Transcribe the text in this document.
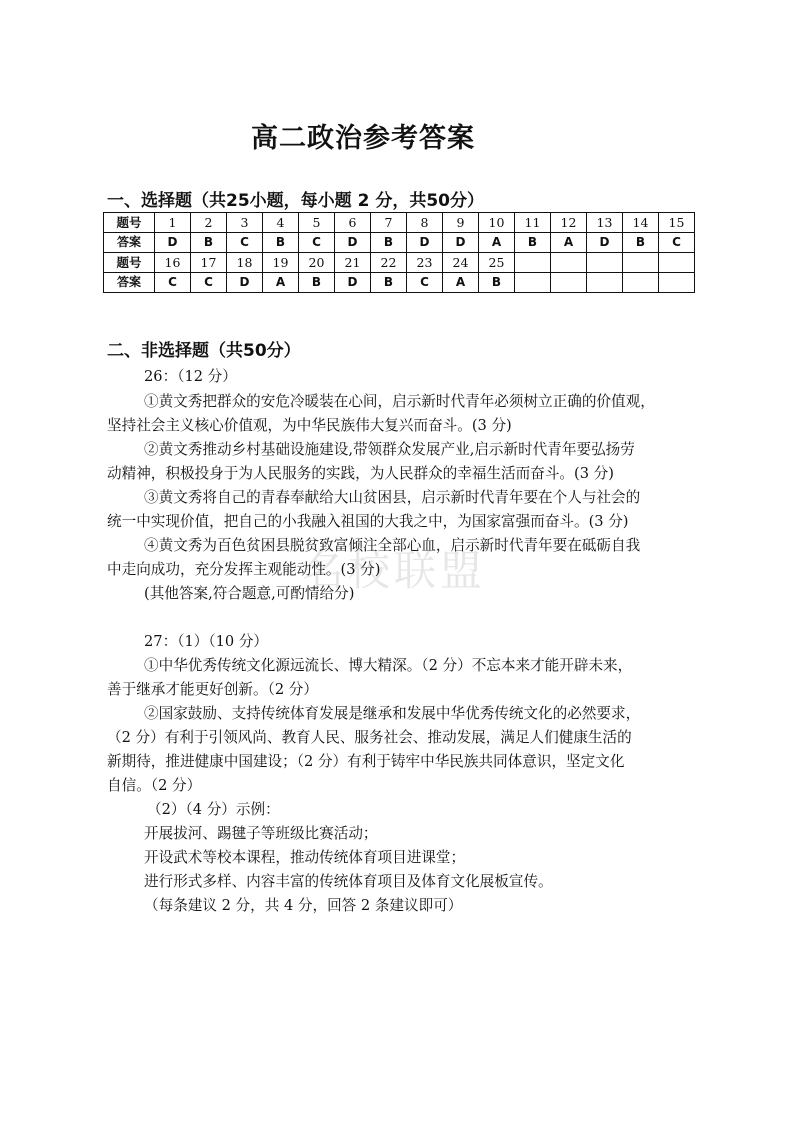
名校联盟
高二政治参考答案
一、选择题（共25小题，每小题 2 分，共50分）
题号	1	2	3	4	5	6	7	8	9	10	11	12	13	14	15
答案	D	B	C	B	C	D	B	D	D	A	B	A	D	B	C
题号	16	17	18	19	20	21	22	23	24	25					
答案	C	C	D	A	B	D	B	C	A	B					
二、非选择题（共50分）
26：（12 分）
①黄文秀把群众的安危冷暖装在心间，启示新时代青年必须树立正确的价值观，
坚持社会主义核心价值观，为中华民族伟大复兴而奋斗。(3 分)
②黄文秀推动乡村基础设施建设,带领群众发展产业,启示新时代青年要弘扬劳
动精神，积极投身于为人民服务的实践，为人民群众的幸福生活而奋斗。(3 分)
③黄文秀将自己的青春奉献给大山贫困县，启示新时代青年要在个人与社会的
统一中实现价值，把自己的小我融入祖国的大我之中，为国家富强而奋斗。(3 分)
④黄文秀为百色贫困县脱贫致富倾注全部心血，启示新时代青年要在砥砺自我
中走向成功，充分发挥主观能动性。(3 分)
(其他答案,符合题意,可酌情给分)
27：（1）（10 分）
①中华优秀传统文化源远流长、博大精深。（2 分）不忘本来才能开辟未来，
善于继承才能更好创新。（2 分）
②国家鼓励、支持传统体育发展是继承和发展中华优秀传统文化的必然要求，
（2 分）有利于引领风尚、教育人民、服务社会、推动发展，满足人们健康生活的
新期待，推进健康中国建设；（2 分）有利于铸牢中华民族共同体意识，坚定文化
自信。（2 分）
（2）（4 分）示例：
开展拔河、踢毽子等班级比赛活动；
开设武术等校本课程，推动传统体育项目进课堂；
进行形式多样、内容丰富的传统体育项目及体育文化展板宣传。
（每条建议 2 分，共 4 分，回答 2 条建议即可）
